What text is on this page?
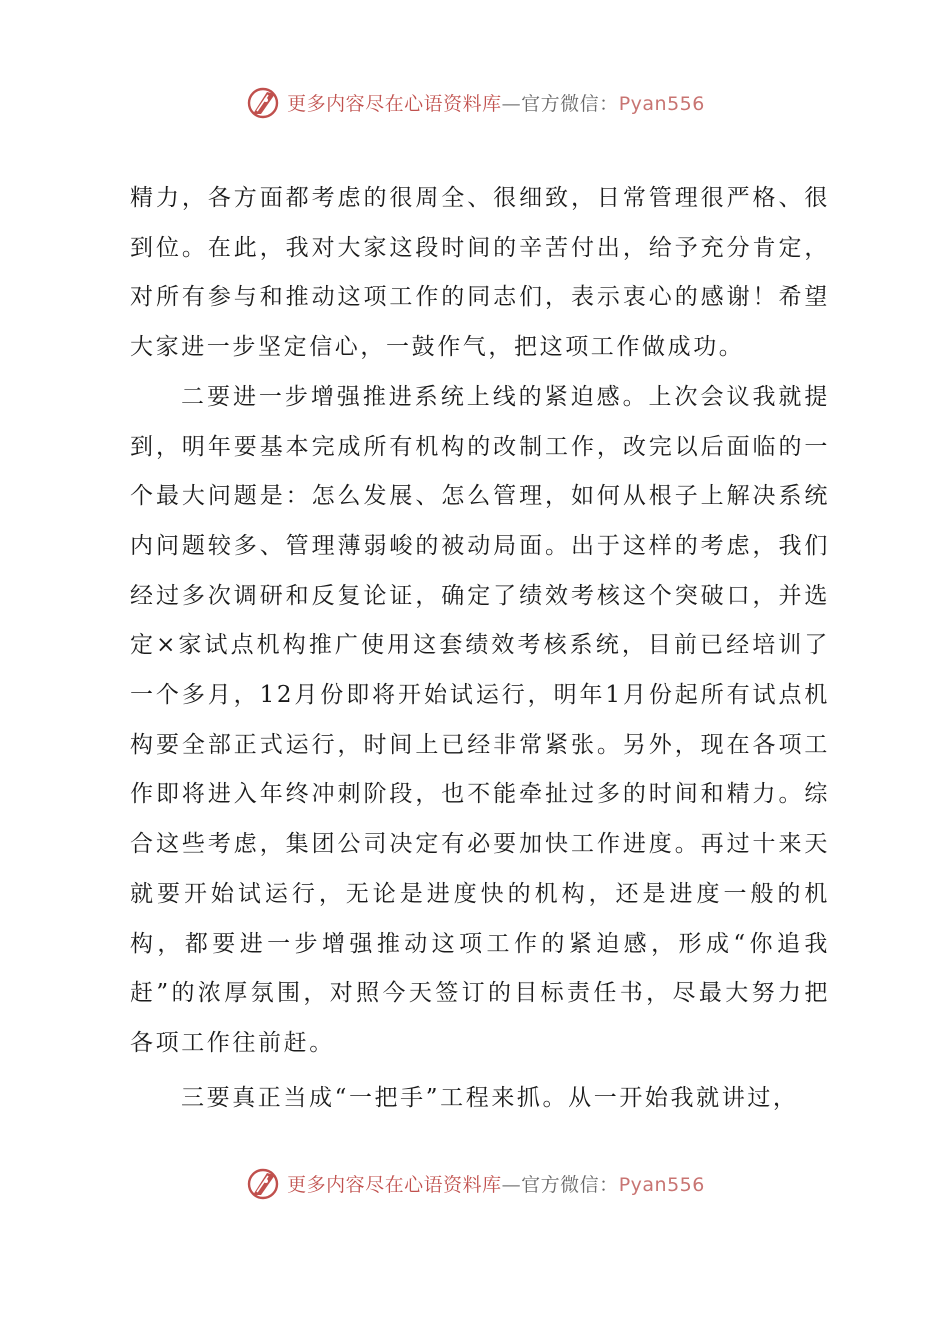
更多内容尽在心语资料库—官方微信：Pyan556

精力，各方面都考虑的很周全、很细致，日常管理很严格、很到位。在此，我对大家这段时间的辛苦付出，给予充分肯定，对所有参与和推动这项工作的同志们，表示衷心的感谢！希望大家进一步坚定信心，一鼓作气，把这项工作做成功。

二要进一步增强推进系统上线的紧迫感。上次会议我就提到，明年要基本完成所有机构的改制工作，改完以后面临的一个最大问题是：怎么发展、怎么管理，如何从根子上解决系统内问题较多、管理薄弱峻的被动局面。出于这样的考虑，我们经过多次调研和反复论证，确定了绩效考核这个突破口，并选定×家试点机构推广使用这套绩效考核系统，目前已经培训了一个多月，12月份即将开始试运行，明年1月份起所有试点机构要全部正式运行，时间上已经非常紧张。另外，现在各项工作即将进入年终冲刺阶段，也不能牵扯过多的时间和精力。综合这些考虑，集团公司决定有必要加快工作进度。再过十来天就要开始试运行，无论是进度快的机构，还是进度一般的机构，都要进一步增强推动这项工作的紧迫感，形成“你追我赶”的浓厚氛围，对照今天签订的目标责任书，尽最大努力把各项工作往前赶。

三要真正当成“一把手”工程来抓。从一开始我就讲过，

更多内容尽在心语资料库—官方微信：Pyan556
